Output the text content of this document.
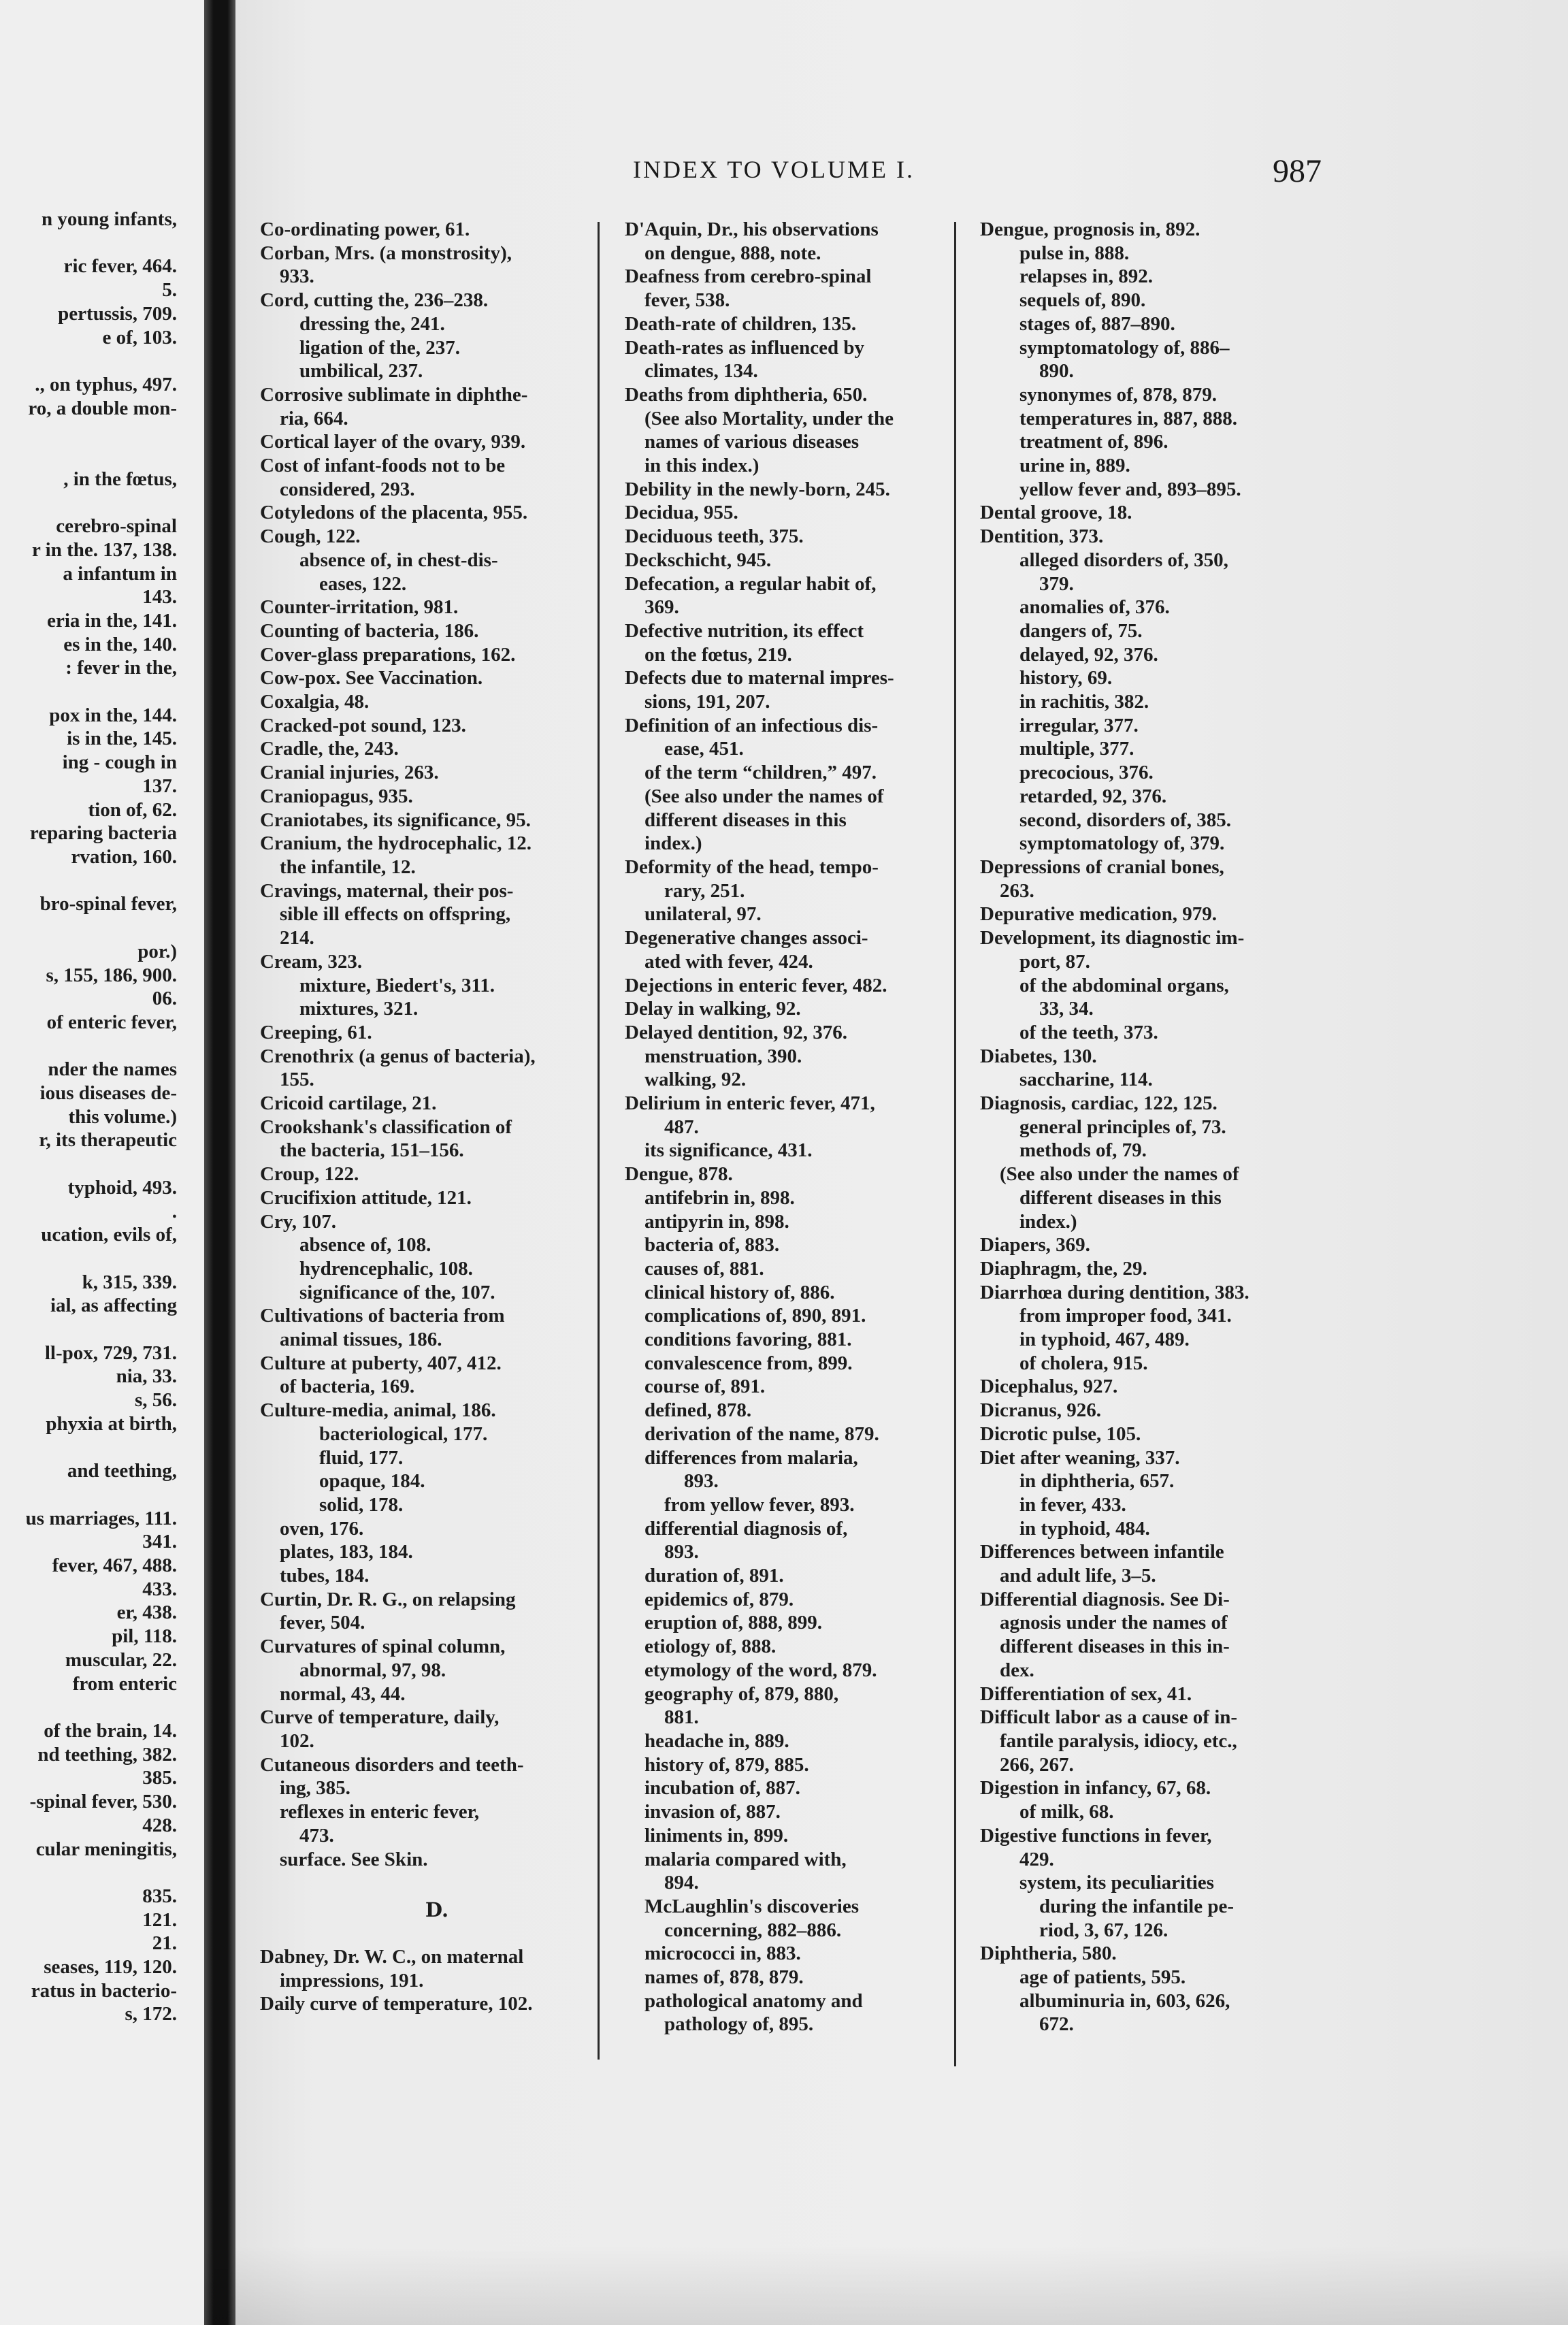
n young infants,

ric fever, 464.
5.
pertussis, 709.
e of, 103.

., on typhus, 497.
ro, a double mon-

, in the fœtus,

cerebro-spinal
r in the. 137, 138.
a infantum in
143.
eria in the, 141.
es in the, 140.
: fever in the,

pox in the, 144.
is in the, 145.
ing - cough in
137.
tion of, 62.
reparing bacteria
rvation, 160.

bro-spinal fever,

por.)
s, 155, 186, 900.
06.
of enteric fever,

nder the names
ious diseases de-
this volume.)
r, its therapeutic

typhoid, 493.
.
ucation, evils of,

k, 315, 339.
ial, as affecting

ll-pox, 729, 731.
nia, 33.
s, 56.
phyxia at birth,

and teething,

us marriages, 111.
341.
fever, 467, 488.
433.
er, 438.
pil, 118.
muscular, 22.
from enteric

of the brain, 14.
nd teething, 382.
385.
-spinal fever, 530.
428.
cular meningitis,

835.
121.
21.
seases, 119, 120.
ratus in bacterio-
s, 172.
INDEX TO VOLUME I.	987
Co-ordinating power, 61.
Corban, Mrs. (a monstrosity),
 933.
Cord, cutting the, 236–238.
  dressing the, 241.
  ligation of the, 237.
  umbilical, 237.
Corrosive sublimate in diphthe-
 ria, 664.
Cortical layer of the ovary, 939.
Cost of infant-foods not to be
 considered, 293.
Cotyledons of the placenta, 955.
Cough, 122.
  absence of, in chest-dis-
   eases, 122.
Counter-irritation, 981.
Counting of bacteria, 186.
Cover-glass preparations, 162.
Cow-pox. See Vaccination.
Coxalgia, 48.
Cracked-pot sound, 123.
Cradle, the, 243.
Cranial injuries, 263.
Craniopagus, 935.
Craniotabes, its significance, 95.
Cranium, the hydrocephalic, 12.
 the infantile, 12.
Cravings, maternal, their pos-
 sible ill effects on offspring,
 214.
Cream, 323.
  mixture, Biedert's, 311.
  mixtures, 321.
Creeping, 61.
Crenothrix (a genus of bacteria),
 155.
Cricoid cartilage, 21.
Crookshank's classification of
 the bacteria, 151–156.
Croup, 122.
Crucifixion attitude, 121.
Cry, 107.
  absence of, 108.
  hydrencephalic, 108.
  significance of the, 107.
Cultivations of bacteria from
 animal tissues, 186.
Culture at puberty, 407, 412.
 of bacteria, 169.
Culture-media, animal, 186.
   bacteriological, 177.
   fluid, 177.
   opaque, 184.
   solid, 178.
 oven, 176.
 plates, 183, 184.
 tubes, 184.
Curtin, Dr. R. G., on relapsing
 fever, 504.
Curvatures of spinal column,
  abnormal, 97, 98.
 normal, 43, 44.
Curve of temperature, daily,
 102.
Cutaneous disorders and teeth-
 ing, 385.
 reflexes in enteric fever,
  473.
 surface. See Skin.
D.
Dabney, Dr. W. C., on maternal
 impressions, 191.
Daily curve of temperature, 102.
D'Aquin, Dr., his observations
 on dengue, 888, note.
Deafness from cerebro-spinal
 fever, 538.
Death-rate of children, 135.
Death-rates as influenced by
 climates, 134.
Deaths from diphtheria, 650.
 (See also Mortality, under the
 names of various diseases
 in this index.)
Debility in the newly-born, 245.
Decidua, 955.
Deciduous teeth, 375.
Deckschicht, 945.
Defecation, a regular habit of,
 369.
Defective nutrition, its effect
 on the fœtus, 219.
Defects due to maternal impres-
 sions, 191, 207.
Definition of an infectious dis-
  ease, 451.
 of the term “children,” 497.
 (See also under the names of
 different diseases in this
 index.)
Deformity of the head, tempo-
  rary, 251.
 unilateral, 97.
Degenerative changes associ-
 ated with fever, 424.
Dejections in enteric fever, 482.
Delay in walking, 92.
Delayed dentition, 92, 376.
 menstruation, 390.
 walking, 92.
Delirium in enteric fever, 471,
  487.
 its significance, 431.
Dengue, 878.
 antifebrin in, 898.
 antipyrin in, 898.
 bacteria of, 883.
 causes of, 881.
 clinical history of, 886.
 complications of, 890, 891.
 conditions favoring, 881.
 convalescence from, 899.
 course of, 891.
 defined, 878.
 derivation of the name, 879.
 differences from malaria,
   893.
  from yellow fever, 893.
 differential diagnosis of,
  893.
 duration of, 891.
 epidemics of, 879.
 eruption of, 888, 899.
 etiology of, 888.
 etymology of the word, 879.
 geography of, 879, 880,
  881.
 headache in, 889.
 history of, 879, 885.
 incubation of, 887.
 invasion of, 887.
 liniments in, 899.
 malaria compared with,
  894.
 McLaughlin's discoveries
  concerning, 882–886.
 micrococci in, 883.
 names of, 878, 879.
 pathological anatomy and
  pathology of, 895.
Dengue, prognosis in, 892.
  pulse in, 888.
  relapses in, 892.
  sequels of, 890.
  stages of, 887–890.
  symptomatology of, 886–
   890.
  synonymes of, 878, 879.
  temperatures in, 887, 888.
  treatment of, 896.
  urine in, 889.
  yellow fever and, 893–895.
Dental groove, 18.
Dentition, 373.
  alleged disorders of, 350,
   379.
  anomalies of, 376.
  dangers of, 75.
  delayed, 92, 376.
  history, 69.
  in rachitis, 382.
  irregular, 377.
  multiple, 377.
  precocious, 376.
  retarded, 92, 376.
  second, disorders of, 385.
  symptomatology of, 379.
Depressions of cranial bones,
 263.
Depurative medication, 979.
Development, its diagnostic im-
  port, 87.
  of the abdominal organs,
   33, 34.
  of the teeth, 373.
Diabetes, 130.
  saccharine, 114.
Diagnosis, cardiac, 122, 125.
  general principles of, 73.
  methods of, 79.
 (See also under the names of
  different diseases in this
  index.)
Diapers, 369.
Diaphragm, the, 29.
Diarrhœa during dentition, 383.
  from improper food, 341.
  in typhoid, 467, 489.
  of cholera, 915.
Dicephalus, 927.
Dicranus, 926.
Dicrotic pulse, 105.
Diet after weaning, 337.
  in diphtheria, 657.
  in fever, 433.
  in typhoid, 484.
Differences between infantile
 and adult life, 3–5.
Differential diagnosis. See Di-
 agnosis under the names of
 different diseases in this in-
 dex.
Differentiation of sex, 41.
Difficult labor as a cause of in-
 fantile paralysis, idiocy, etc.,
 266, 267.
Digestion in infancy, 67, 68.
  of milk, 68.
Digestive functions in fever,
  429.
  system, its peculiarities
   during the infantile pe-
   riod, 3, 67, 126.
Diphtheria, 580.
  age of patients, 595.
  albuminuria in, 603, 626,
   672.
